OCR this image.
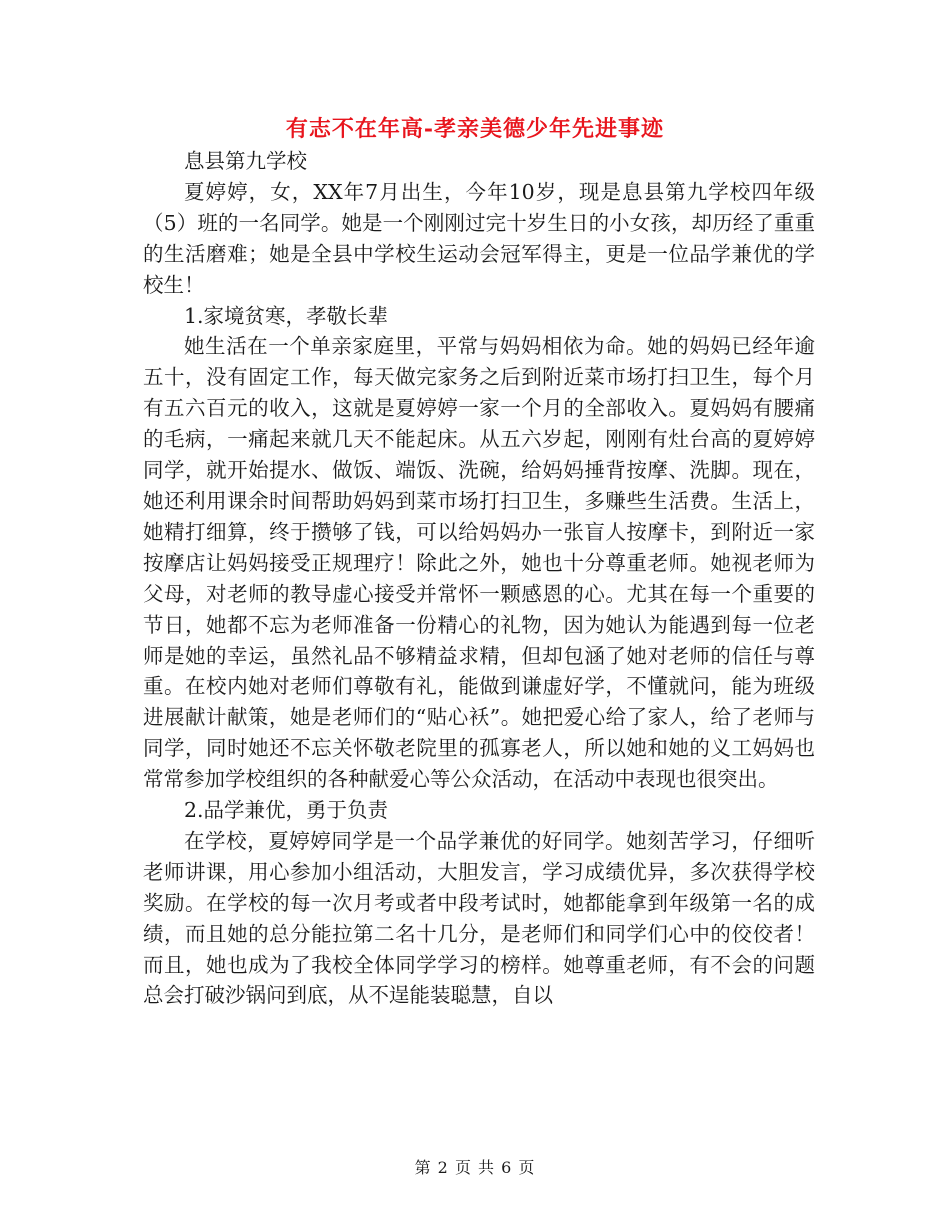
有志不在年高-孝亲美德少年先进事迹

息县第九学校

夏婷婷，女，XX年7月出生，今年10岁，现是息县第九学校四年级（5）班的一名同学。她是一个刚刚过完十岁生日的小女孩，却历经了重重的生活磨难；她是全县中学校生运动会冠军得主，更是一位品学兼优的学校生！

1.家境贫寒，孝敬长辈

她生活在一个单亲家庭里，平常与妈妈相依为命。她的妈妈已经年逾五十，没有固定工作，每天做完家务之后到附近菜市场打扫卫生，每个月有五六百元的收入，这就是夏婷婷一家一个月的全部收入。夏妈妈有腰痛的毛病，一痛起来就几天不能起床。从五六岁起，刚刚有灶台高的夏婷婷同学，就开始提水、做饭、端饭、洗碗，给妈妈捶背按摩、洗脚。现在，她还利用课余时间帮助妈妈到菜市场打扫卫生，多赚些生活费。生活上，她精打细算，终于攒够了钱，可以给妈妈办一张盲人按摩卡，到附近一家按摩店让妈妈接受正规理疗！除此之外，她也十分尊重老师。她视老师为父母，对老师的教导虚心接受并常怀一颗感恩的心。尤其在每一个重要的节日，她都不忘为老师准备一份精心的礼物，因为她认为能遇到每一位老师是她的幸运，虽然礼品不够精益求精，但却包涵了她对老师的信任与尊重。在校内她对老师们尊敬有礼，能做到谦虚好学，不懂就问，能为班级进展献计献策，她是老师们的“贴心袄”。她把爱心给了家人，给了老师与同学，同时她还不忘关怀敬老院里的孤寡老人，所以她和她的义工妈妈也常常参加学校组织的各种献爱心等公众活动，在活动中表现也很突出。

2.品学兼优，勇于负责

在学校，夏婷婷同学是一个品学兼优的好同学。她刻苦学习，仔细听老师讲课，用心参加小组活动，大胆发言，学习成绩优异，多次获得学校奖励。在学校的每一次月考或者中段考试时，她都能拿到年级第一名的成绩，而且她的总分能拉第二名十几分，是老师们和同学们心中的佼佼者！而且，她也成为了我校全体同学学习的榜样。她尊重老师，有不会的问题总会打破沙锅问到底，从不逞能装聪慧，自以

第 2 页 共 6 页
